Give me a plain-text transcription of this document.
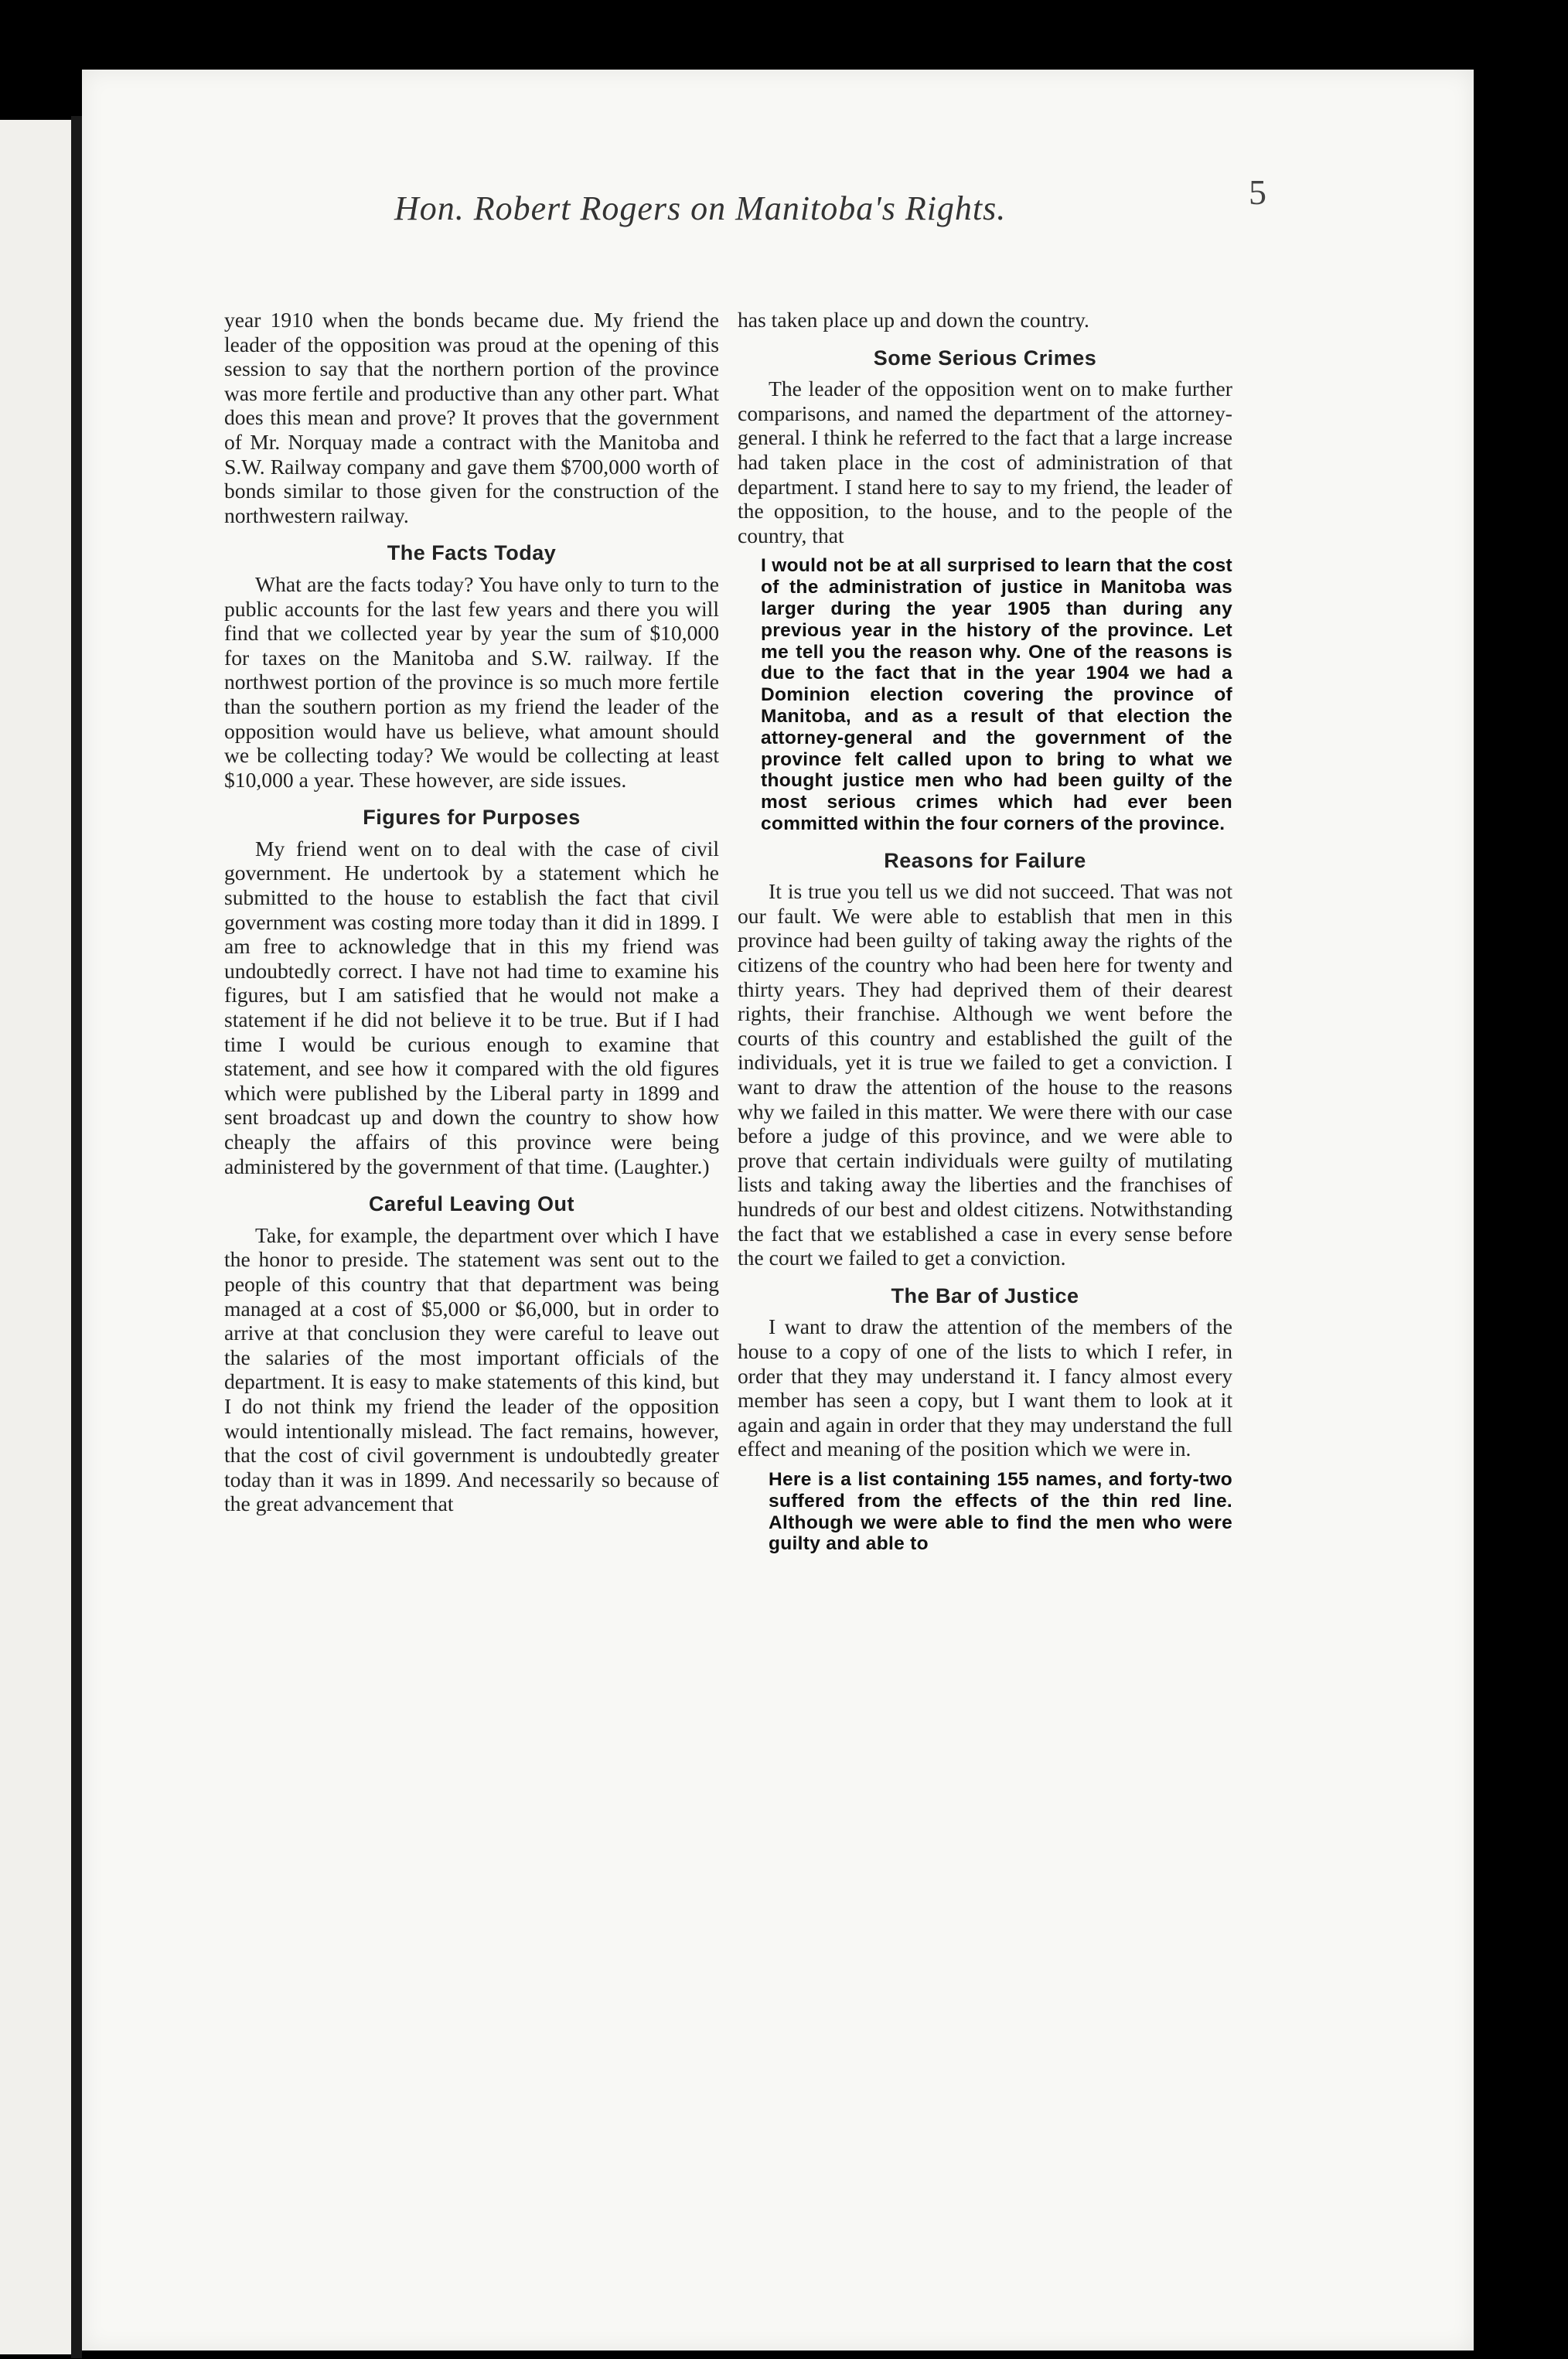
Hon. Robert Rogers on Manitoba's Rights.	5

year 1910 when the bonds became due. My friend the leader of the opposition was proud at the opening of this session to say that the northern portion of the province was more fertile and productive than any other part. What does this mean and prove? It proves that the government of Mr. Norquay made a contract with the Manitoba and S.W. Railway company and gave them $700,000 worth of bonds similar to those given for the construction of the northwestern railway.

The Facts Today

What are the facts today? You have only to turn to the public accounts for the last few years and there you will find that we collected year by year the sum of $10,000 for taxes on the Manitoba and S.W. railway. If the northwest portion of the province is so much more fertile than the southern portion as my friend the leader of the opposition would have us believe, what amount should we be collecting today? We would be collecting at least $10,000 a year. These however, are side issues.

Figures for Purposes

My friend went on to deal with the case of civil government. He undertook by a statement which he submitted to the house to establish the fact that civil government was costing more today than it did in 1899. I am free to acknowledge that in this my friend was undoubtedly correct. I have not had time to examine his figures, but I am satisfied that he would not make a statement if he did not believe it to be true. But if I had time I would be curious enough to examine that statement, and see how it compared with the old figures which were published by the Liberal party in 1899 and sent broadcast up and down the country to show how cheaply the affairs of this province were being administered by the government of that time. (Laughter.)

Careful Leaving Out

Take, for example, the department over which I have the honor to preside. The statement was sent out to the people of this country that that department was being managed at a cost of $5,000 or $6,000, but in order to arrive at that conclusion they were careful to leave out the salaries of the most important officials of the department. It is easy to make statements of this kind, but I do not think my friend the leader of the opposition would intentionally mislead. The fact remains, however, that the cost of civil government is undoubtedly greater today than it was in 1899. And necessarily so because of the great advancement that

has taken place up and down the country.

Some Serious Crimes

The leader of the opposition went on to make further comparisons, and named the department of the attorney-general. I think he referred to the fact that a large increase had taken place in the cost of administration of that department. I stand here to say to my friend, the leader of the opposition, to the house, and to the people of the country, that

I would not be at all surprised to learn that the cost of the administration of justice in Manitoba was larger during the year 1905 than during any previous year in the history of the province. Let me tell you the reason why. One of the reasons is due to the fact that in the year 1904 we had a Dominion election covering the province of Manitoba, and as a result of that election the attorney-general and the government of the province felt called upon to bring to what we thought justice men who had been guilty of the most serious crimes which had ever been committed within the four corners of the province.
Reasons for Failure

It is true you tell us we did not succeed. That was not our fault. We were able to establish that men in this province had been guilty of taking away the rights of the citizens of the country who had been here for twenty and thirty years. They had deprived them of their dearest rights, their franchise. Although we went before the courts of this country and established the guilt of the individuals, yet it is true we failed to get a conviction. I want to draw the attention of the house to the reasons why we failed in this matter. We were there with our case before a judge of this province, and we were able to prove that certain individuals were guilty of mutilating lists and taking away the liberties and the franchises of hundreds of our best and oldest citizens. Notwithstanding the fact that we established a case in every sense before the court we failed to get a conviction.

The Bar of Justice

I want to draw the attention of the members of the house to a copy of one of the lists to which I refer, in order that they may understand it. I fancy almost every member has seen a copy, but I want them to look at it again and again in order that they may understand the full effect and meaning of the position which we were in.

Here is a list containing 155 names, and forty-two suffered from the effects of the thin red line. Although we were able to find the men who were guilty and able to
